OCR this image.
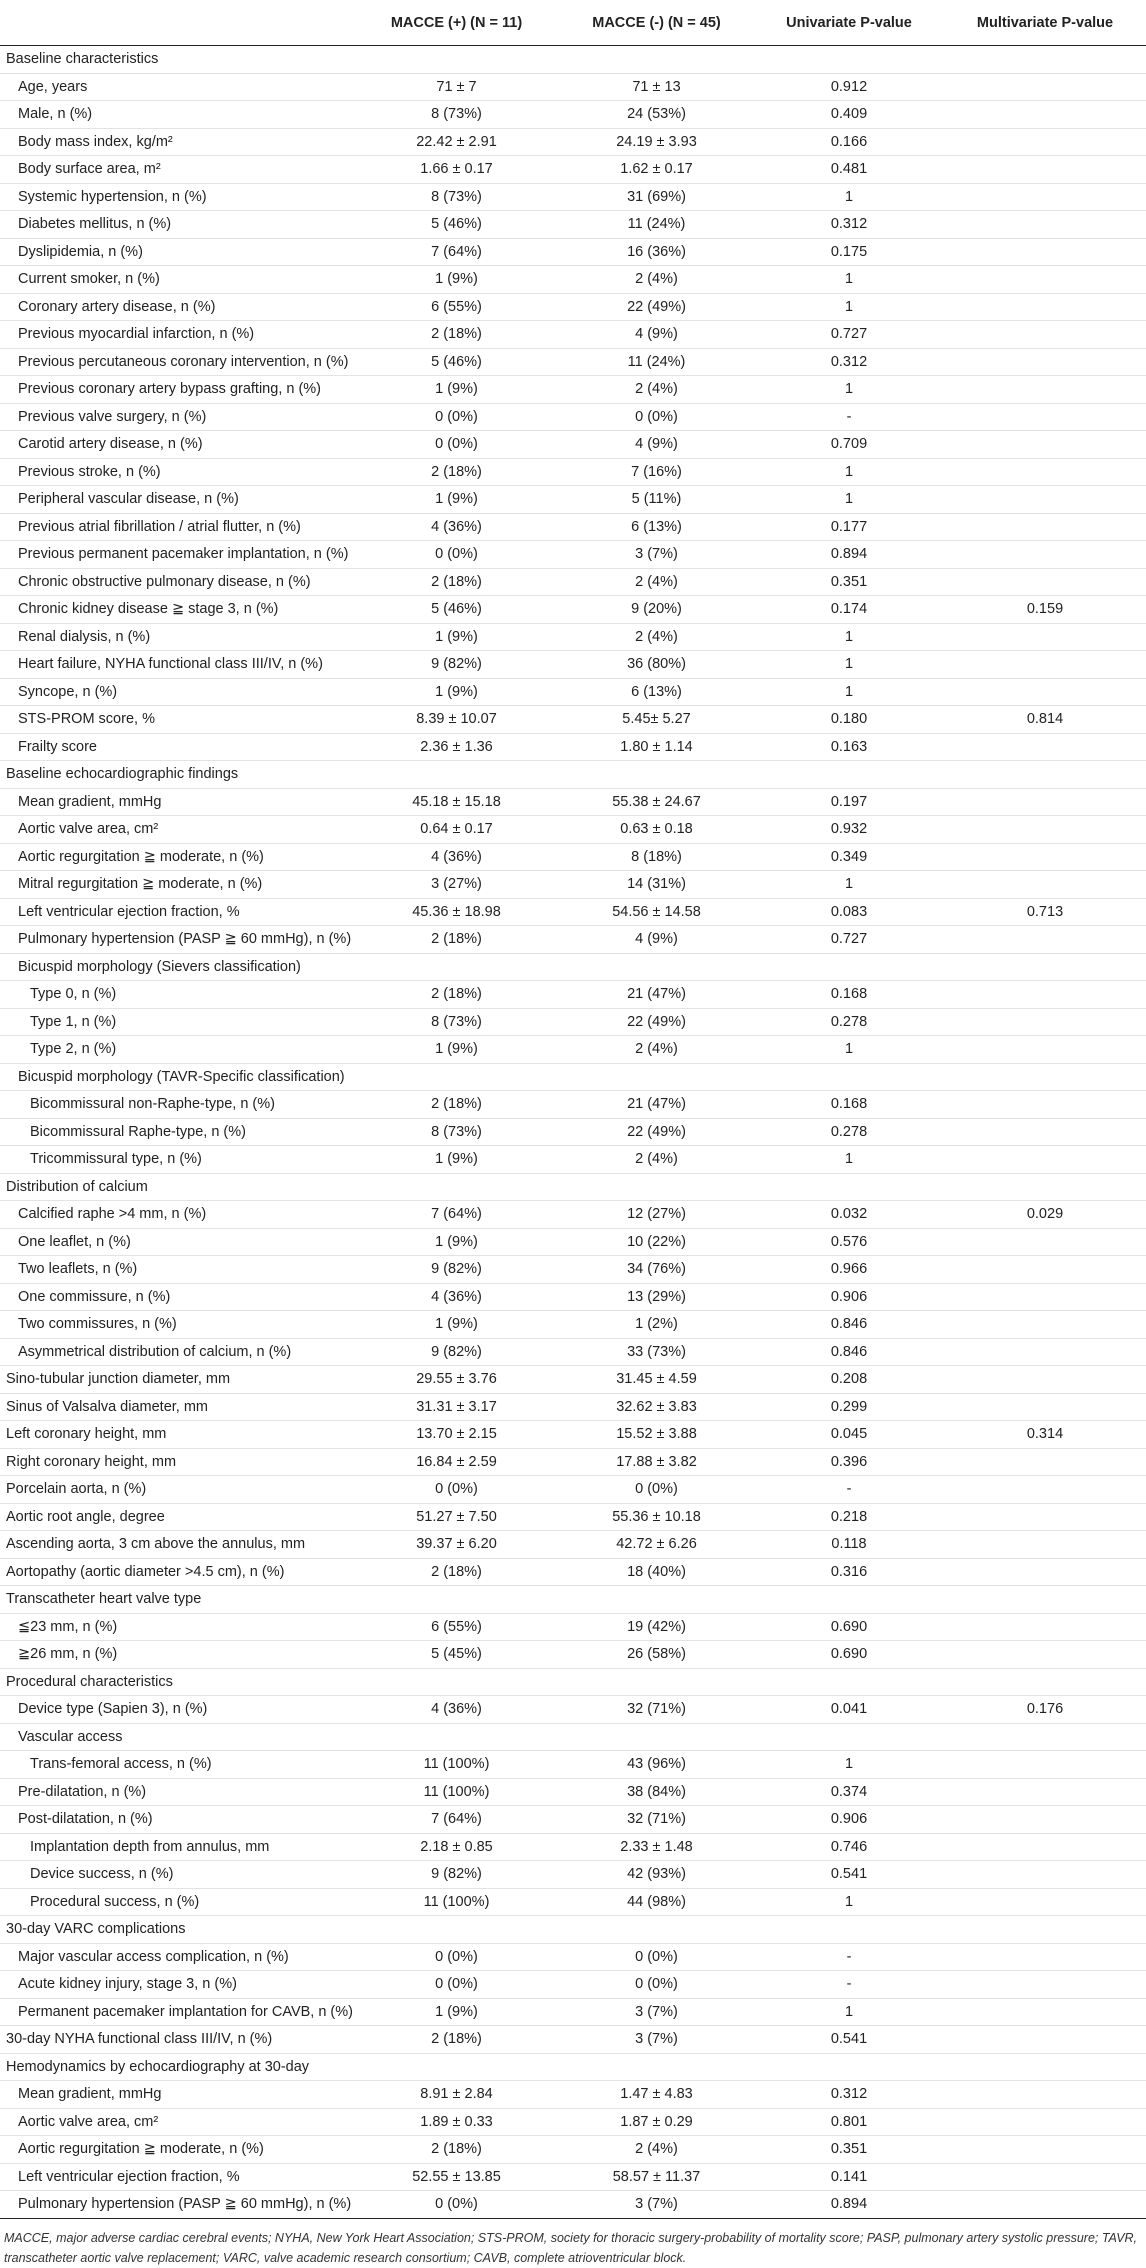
	MACCE (+) (N = 11)	MACCE (-) (N = 45)	Univariate P-value	Multivariate P-value
Baseline characteristics				
Age, years	71 ± 7	71 ± 13	0.912	
Male, n (%)	8 (73%)	24 (53%)	0.409	
Body mass index, kg/m²	22.42 ± 2.91	24.19 ± 3.93	0.166	
Body surface area, m²	1.66 ± 0.17	1.62 ± 0.17	0.481	
Systemic hypertension, n (%)	8 (73%)	31 (69%)	1	
Diabetes mellitus, n (%)	5 (46%)	11 (24%)	0.312	
Dyslipidemia, n (%)	7 (64%)	16 (36%)	0.175	
Current smoker, n (%)	1 (9%)	2 (4%)	1	
Coronary artery disease, n (%)	6 (55%)	22 (49%)	1	
Previous myocardial infarction, n (%)	2 (18%)	4 (9%)	0.727	
Previous percutaneous coronary intervention, n (%)	5 (46%)	11 (24%)	0.312	
Previous coronary artery bypass grafting, n (%)	1 (9%)	2 (4%)	1	
Previous valve surgery, n (%)	0 (0%)	0 (0%)	-	
Carotid artery disease, n (%)	0 (0%)	4 (9%)	0.709	
Previous stroke, n (%)	2 (18%)	7 (16%)	1	
Peripheral vascular disease, n (%)	1 (9%)	5 (11%)	1	
Previous atrial fibrillation / atrial flutter, n (%)	4 (36%)	6 (13%)	0.177	
Previous permanent pacemaker implantation, n (%)	0 (0%)	3 (7%)	0.894	
Chronic obstructive pulmonary disease, n (%)	2 (18%)	2 (4%)	0.351	
Chronic kidney disease ≧ stage 3, n (%)	5 (46%)	9 (20%)	0.174	0.159
Renal dialysis, n (%)	1 (9%)	2 (4%)	1	
Heart failure, NYHA functional class III/IV, n (%)	9 (82%)	36 (80%)	1	
Syncope, n (%)	1 (9%)	6 (13%)	1	
STS-PROM score, %	8.39 ± 10.07	5.45± 5.27	0.180	0.814
Frailty score	2.36 ± 1.36	1.80 ± 1.14	0.163	
Baseline echocardiographic findings				
Mean gradient, mmHg	45.18 ± 15.18	55.38 ± 24.67	0.197	
Aortic valve area, cm²	0.64 ± 0.17	0.63 ± 0.18	0.932	
Aortic regurgitation ≧ moderate, n (%)	4 (36%)	8 (18%)	0.349	
Mitral regurgitation ≧ moderate, n (%)	3 (27%)	14 (31%)	1	
Left ventricular ejection fraction, %	45.36 ± 18.98	54.56 ± 14.58	0.083	0.713
Pulmonary hypertension (PASP ≧ 60 mmHg), n (%)	2 (18%)	4 (9%)	0.727	
Bicuspid morphology (Sievers classification)				
Type 0, n (%)	2 (18%)	21 (47%)	0.168	
Type 1, n (%)	8 (73%)	22 (49%)	0.278	
Type 2, n (%)	1 (9%)	2 (4%)	1	
Bicuspid morphology (TAVR-Specific classification)				
Bicommissural non-Raphe-type, n (%)	2 (18%)	21 (47%)	0.168	
Bicommissural Raphe-type, n (%)	8 (73%)	22 (49%)	0.278	
Tricommissural type, n (%)	1 (9%)	2 (4%)	1	
Distribution of calcium				
Calcified raphe >4 mm, n (%)	7 (64%)	12 (27%)	0.032	0.029
One leaflet, n (%)	1 (9%)	10 (22%)	0.576	
Two leaflets, n (%)	9 (82%)	34 (76%)	0.966	
One commissure, n (%)	4 (36%)	13 (29%)	0.906	
Two commissures, n (%)	1 (9%)	1 (2%)	0.846	
Asymmetrical distribution of calcium, n (%)	9 (82%)	33 (73%)	0.846	
Sino-tubular junction diameter, mm	29.55 ± 3.76	31.45 ± 4.59	0.208	
Sinus of Valsalva diameter, mm	31.31 ± 3.17	32.62 ± 3.83	0.299	
Left coronary height, mm	13.70 ± 2.15	15.52 ± 3.88	0.045	0.314
Right coronary height, mm	16.84 ± 2.59	17.88 ± 3.82	0.396	
Porcelain aorta, n (%)	0 (0%)	0 (0%)	-	
Aortic root angle, degree	51.27 ± 7.50	55.36 ± 10.18	0.218	
Ascending aorta, 3 cm above the annulus, mm	39.37 ± 6.20	42.72 ± 6.26	0.118	
Aortopathy (aortic diameter >4.5 cm), n (%)	2 (18%)	18 (40%)	0.316	
Transcatheter heart valve type				
≦23 mm, n (%)	6 (55%)	19 (42%)	0.690	
≧26 mm, n (%)	5 (45%)	26 (58%)	0.690	
Procedural characteristics				
Device type (Sapien 3), n (%)	4 (36%)	32 (71%)	0.041	0.176
Vascular access				
Trans-femoral access, n (%)	11 (100%)	43 (96%)	1	
Pre-dilatation, n (%)	11 (100%)	38 (84%)	0.374	
Post-dilatation, n (%)	7 (64%)	32 (71%)	0.906	
Implantation depth from annulus, mm	2.18 ± 0.85	2.33 ± 1.48	0.746	
Device success, n (%)	9 (82%)	42 (93%)	0.541	
Procedural success, n (%)	11 (100%)	44 (98%)	1	
30-day VARC complications				
Major vascular access complication, n (%)	0 (0%)	0 (0%)	-	
Acute kidney injury, stage 3, n (%)	0 (0%)	0 (0%)	-	
Permanent pacemaker implantation for CAVB, n (%)	1 (9%)	3 (7%)	1	
30-day NYHA functional class III/IV, n (%)	2 (18%)	3 (7%)	0.541	
Hemodynamics by echocardiography at 30-day				
Mean gradient, mmHg	8.91 ± 2.84	1.47 ± 4.83	0.312	
Aortic valve area, cm²	1.89 ± 0.33	1.87 ± 0.29	0.801	
Aortic regurgitation ≧ moderate, n (%)	2 (18%)	2 (4%)	0.351	
Left ventricular ejection fraction, %	52.55 ± 13.85	58.57 ± 11.37	0.141	
Pulmonary hypertension (PASP ≧ 60 mmHg), n (%)	0 (0%)	3 (7%)	0.894	
MACCE, major adverse cardiac cerebral events; NYHA, New York Heart Association; STS-PROM, society for thoracic surgery-probability of mortality score; PASP, pulmonary artery systolic pressure; TAVR, transcatheter aortic valve replacement; VARC, valve academic research consortium; CAVB, complete atrioventricular block.
